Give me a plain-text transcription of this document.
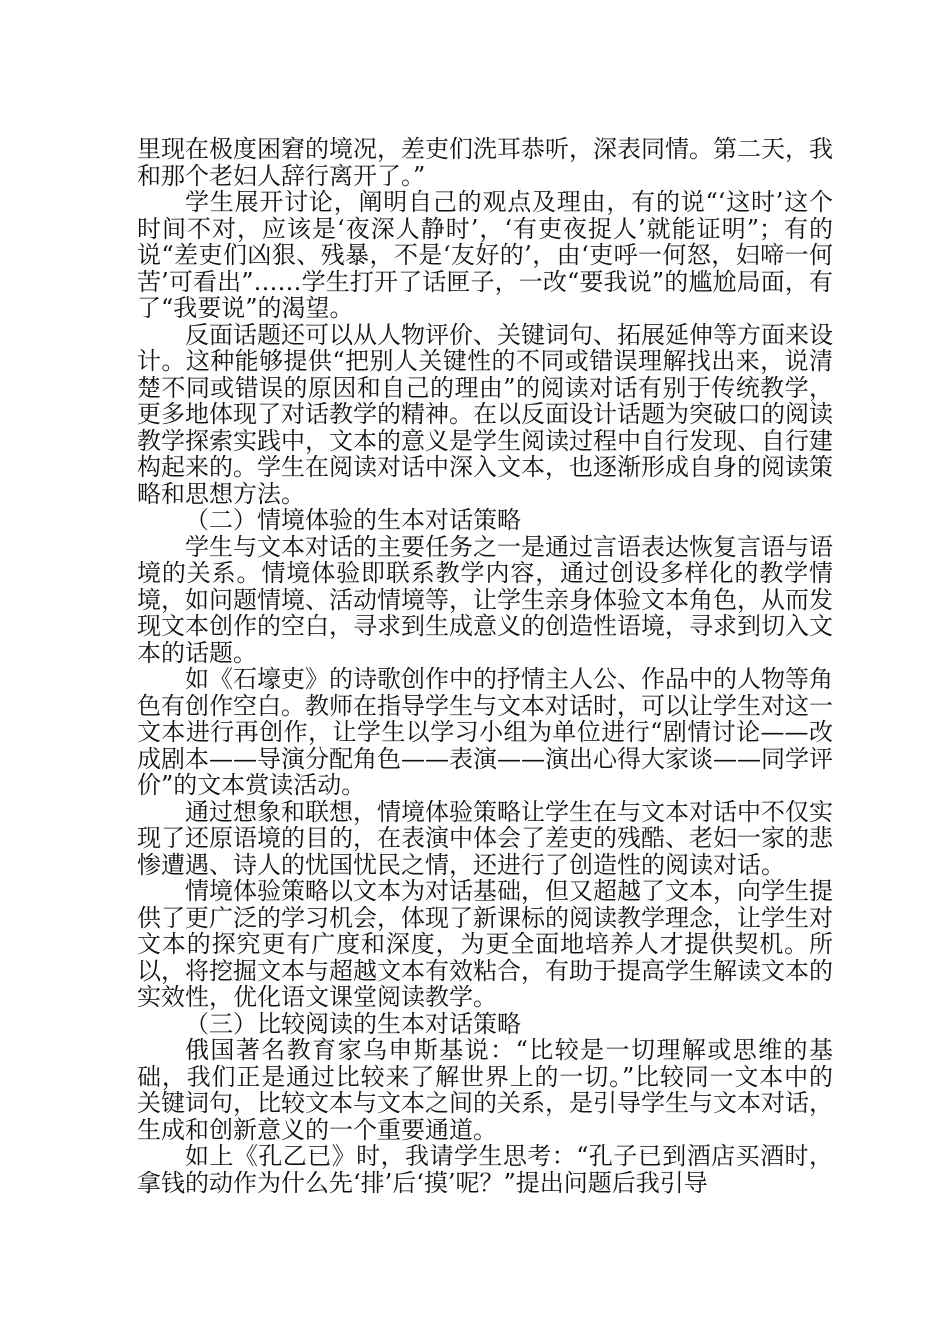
里现在极度困窘的境况，差吏们洗耳恭听，深表同情。第二天，我和那个老妇人辞行离开了。”

学生展开讨论，阐明自己的观点及理由，有的说“‘这时’这个时间不对，应该是‘夜深人静时’，‘有吏夜捉人’就能证明”；有的说“差吏们凶狠、残暴，不是‘友好的’，由‘吏呼一何怒，妇啼一何苦’可看出”……学生打开了话匣子，一改“要我说”的尴尬局面，有了“我要说”的渴望。

反面话题还可以从人物评价、关键词句、拓展延伸等方面来设计。这种能够提供“把别人关键性的不同或错误理解找出来，说清楚不同或错误的原因和自己的理由”的阅读对话有别于传统教学，更多地体现了对话教学的精神。在以反面设计话题为突破口的阅读教学探索实践中，文本的意义是学生阅读过程中自行发现、自行建构起来的。学生在阅读对话中深入文本，也逐渐形成自身的阅读策略和思想方法。

（二）情境体验的生本对话策略

学生与文本对话的主要任务之一是通过言语表达恢复言语与语境的关系。情境体验即联系教学内容，通过创设多样化的教学情境，如问题情境、活动情境等，让学生亲身体验文本角色，从而发现文本创作的空白，寻求到生成意义的创造性语境，寻求到切入文本的话题。

如《石壕吏》的诗歌创作中的抒情主人公、作品中的人物等角色有创作空白。教师在指导学生与文本对话时，可以让学生对这一文本进行再创作，让学生以学习小组为单位进行“剧情讨论——改成剧本——导演分配角色——表演——演出心得大家谈——同学评价”的文本赏读活动。

通过想象和联想，情境体验策略让学生在与文本对话中不仅实现了还原语境的目的，在表演中体会了差吏的残酷、老妇一家的悲惨遭遇、诗人的忧国忧民之情，还进行了创造性的阅读对话。

情境体验策略以文本为对话基础，但又超越了文本，向学生提供了更广泛的学习机会，体现了新课标的阅读教学理念，让学生对文本的探究更有广度和深度，为更全面地培养人才提供契机。所以，将挖掘文本与超越文本有效粘合，有助于提高学生解读文本的实效性，优化语文课堂阅读教学。

（三）比较阅读的生本对话策略

俄国著名教育家乌申斯基说：“比较是一切理解或思维的基础，我们正是通过比较来了解世界上的一切。”比较同一文本中的关键词句，比较文本与文本之间的关系，是引导学生与文本对话，生成和创新意义的一个重要通道。

如上《孔乙已》时，我请学生思考：“孔子已到酒店买酒时，拿钱的动作为什么先‘排’后‘摸’呢？”提出问题后我引导
